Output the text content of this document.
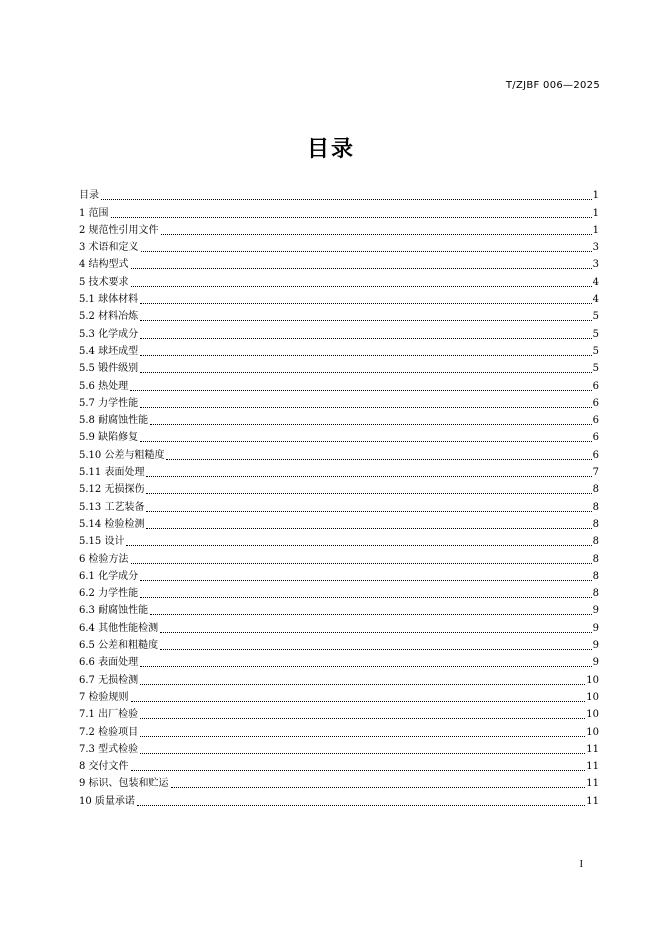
T/ZJBF 006—2025
目录
目录	1
1 范围	1
2 规范性引用文件	1
3 术语和定义	3
4 结构型式	3
5 技术要求	4
5.1 球体材料	4
5.2 材料冶炼	5
5.3 化学成分	5
5.4 球坯成型	5
5.5 锻件级别	5
5.6 热处理	6
5.7 力学性能	6
5.8 耐腐蚀性能	6
5.9 缺陷修复	6
5.10 公差与粗糙度	6
5.11 表面处理	7
5.12 无损探伤	8
5.13 工艺装备	8
5.14 检验检测	8
5.15 设计	8
6 检验方法	8
6.1 化学成分	8
6.2 力学性能	8
6.3 耐腐蚀性能	9
6.4 其他性能检测	9
6.5 公差和粗糙度	9
6.6 表面处理	9
6.7 无损检测	10
7 检验规则	10
7.1 出厂检验	10
7.2 检验项目	10
7.3 型式检验	11
8 交付文件	11
9 标识、包装和贮运	11
10 质量承诺	11
I
